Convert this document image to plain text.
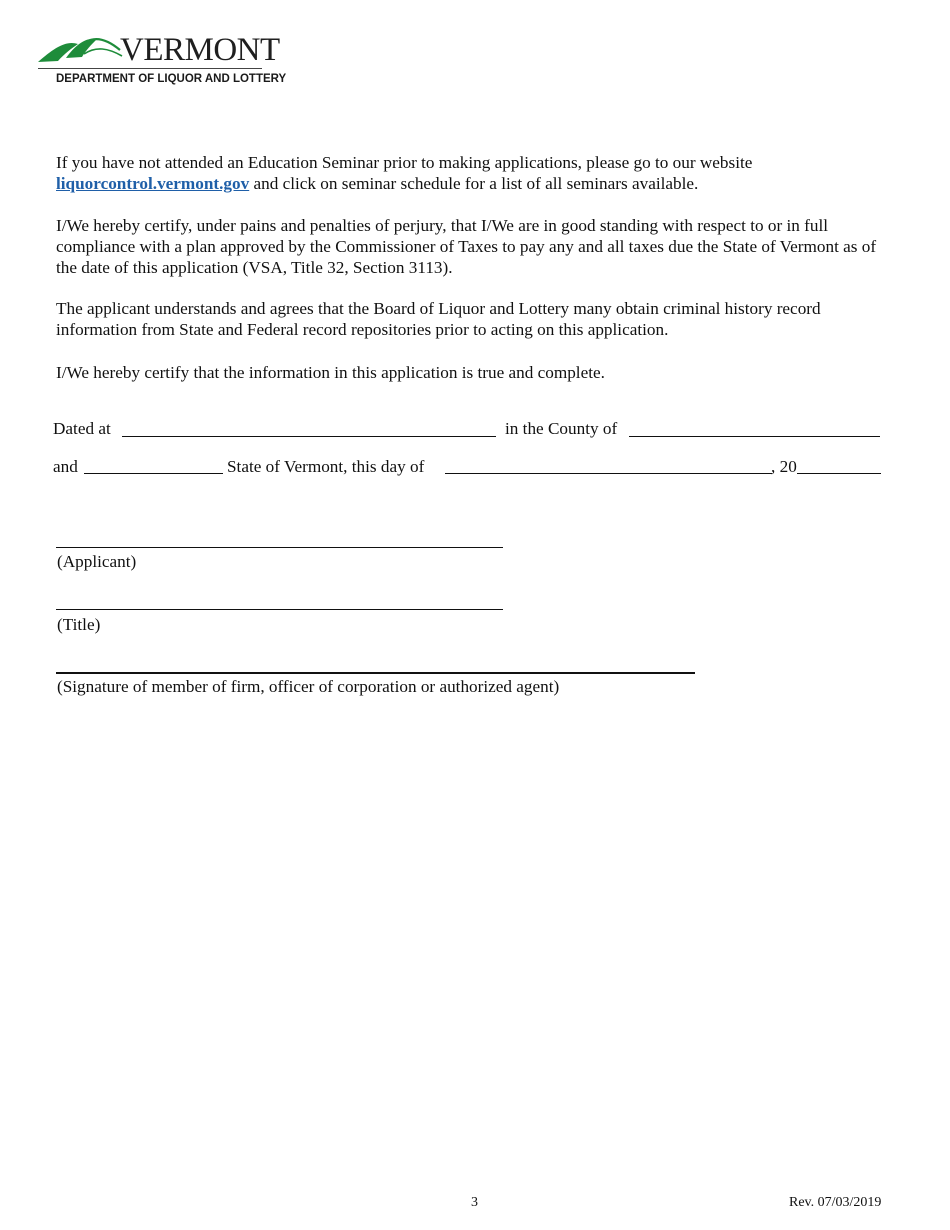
VERMONT
DEPARTMENT OF LIQUOR AND LOTTERY

If you have not attended an Education Seminar prior to making applications, please go to our website
liquorcontrol.vermont.gov and click on seminar schedule for a list of all seminars available.

I/We hereby certify, under pains and penalties of perjury, that I/We are in good standing with respect to or in full compliance with a plan approved by the Commissioner of Taxes to pay any and all taxes due the State of Vermont as of the date of this application (VSA, Title 32, Section 3113).

The applicant understands and agrees that the Board of Liquor and Lottery many obtain criminal history record information from State and Federal record repositories prior to acting on this application.

I/We hereby certify that the information in this application is true and complete.

Dated at	in the County of
and	State of Vermont, this day of	, 20
(Applicant)
(Title)
(Signature of member of firm, officer of corporation or authorized agent)
3	Rev. 07/03/2019
